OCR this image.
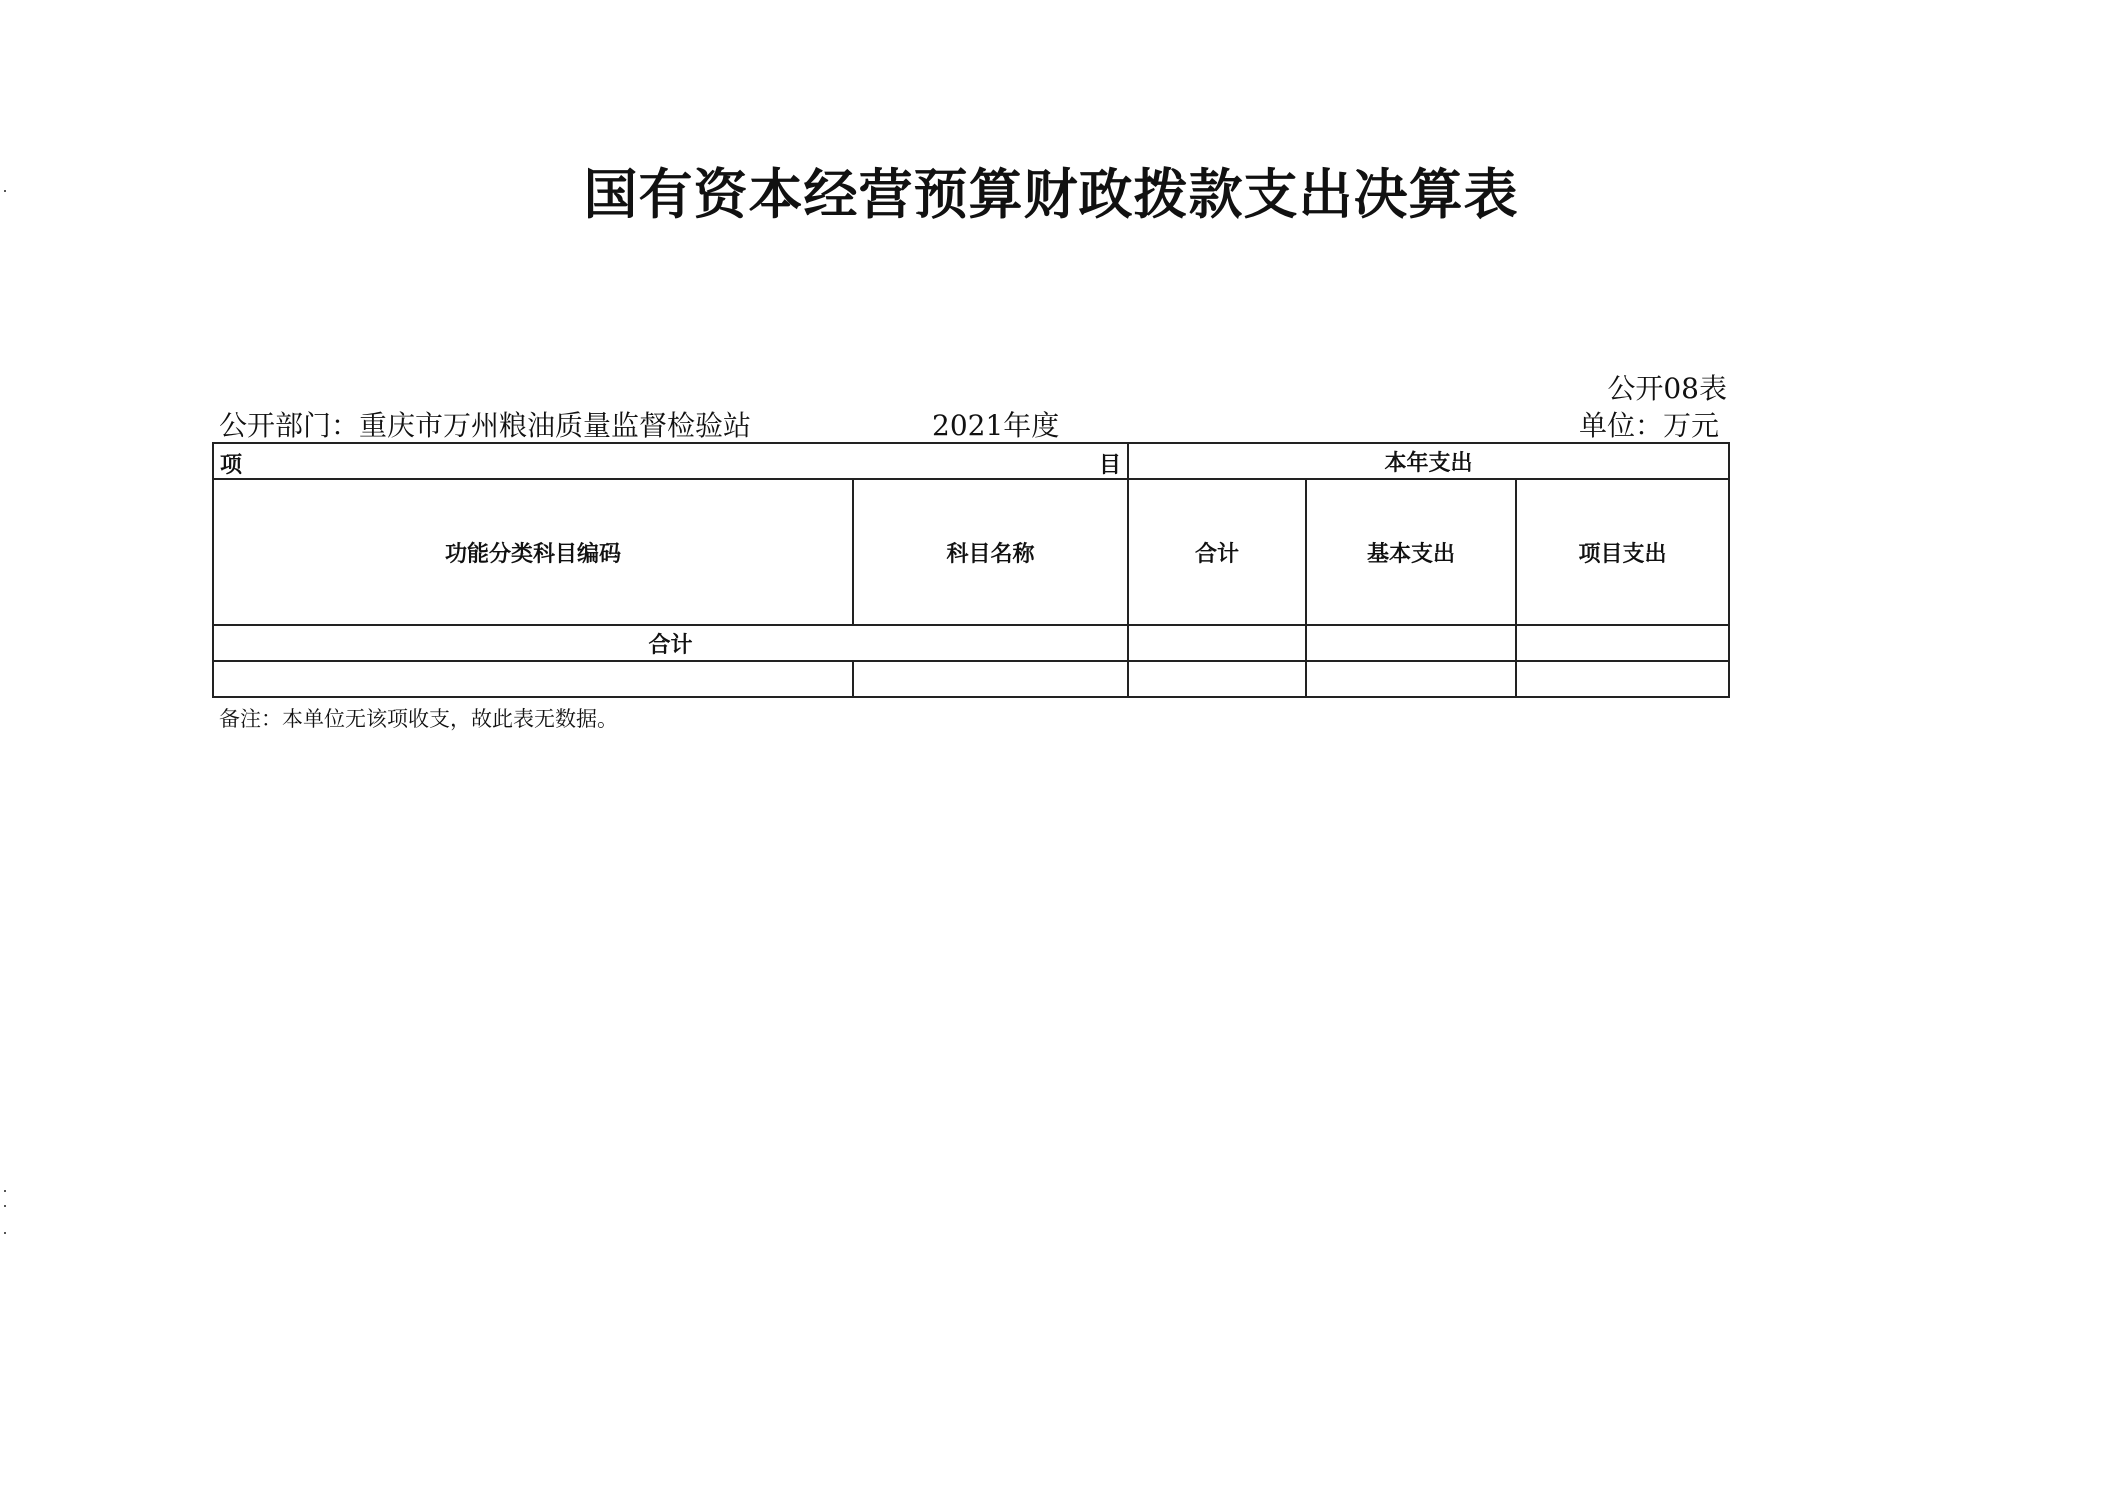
国有资本经营预算财政拨款支出决算表
公开08表
公开部门：重庆市万州粮油质量监督检验站	2021年度	单位：万元
项 目		本年支出		
功能分类科目编码	科目名称	合计	基本支出	项目支出
合计				

备注：本单位无该项收支，故此表无数据。
